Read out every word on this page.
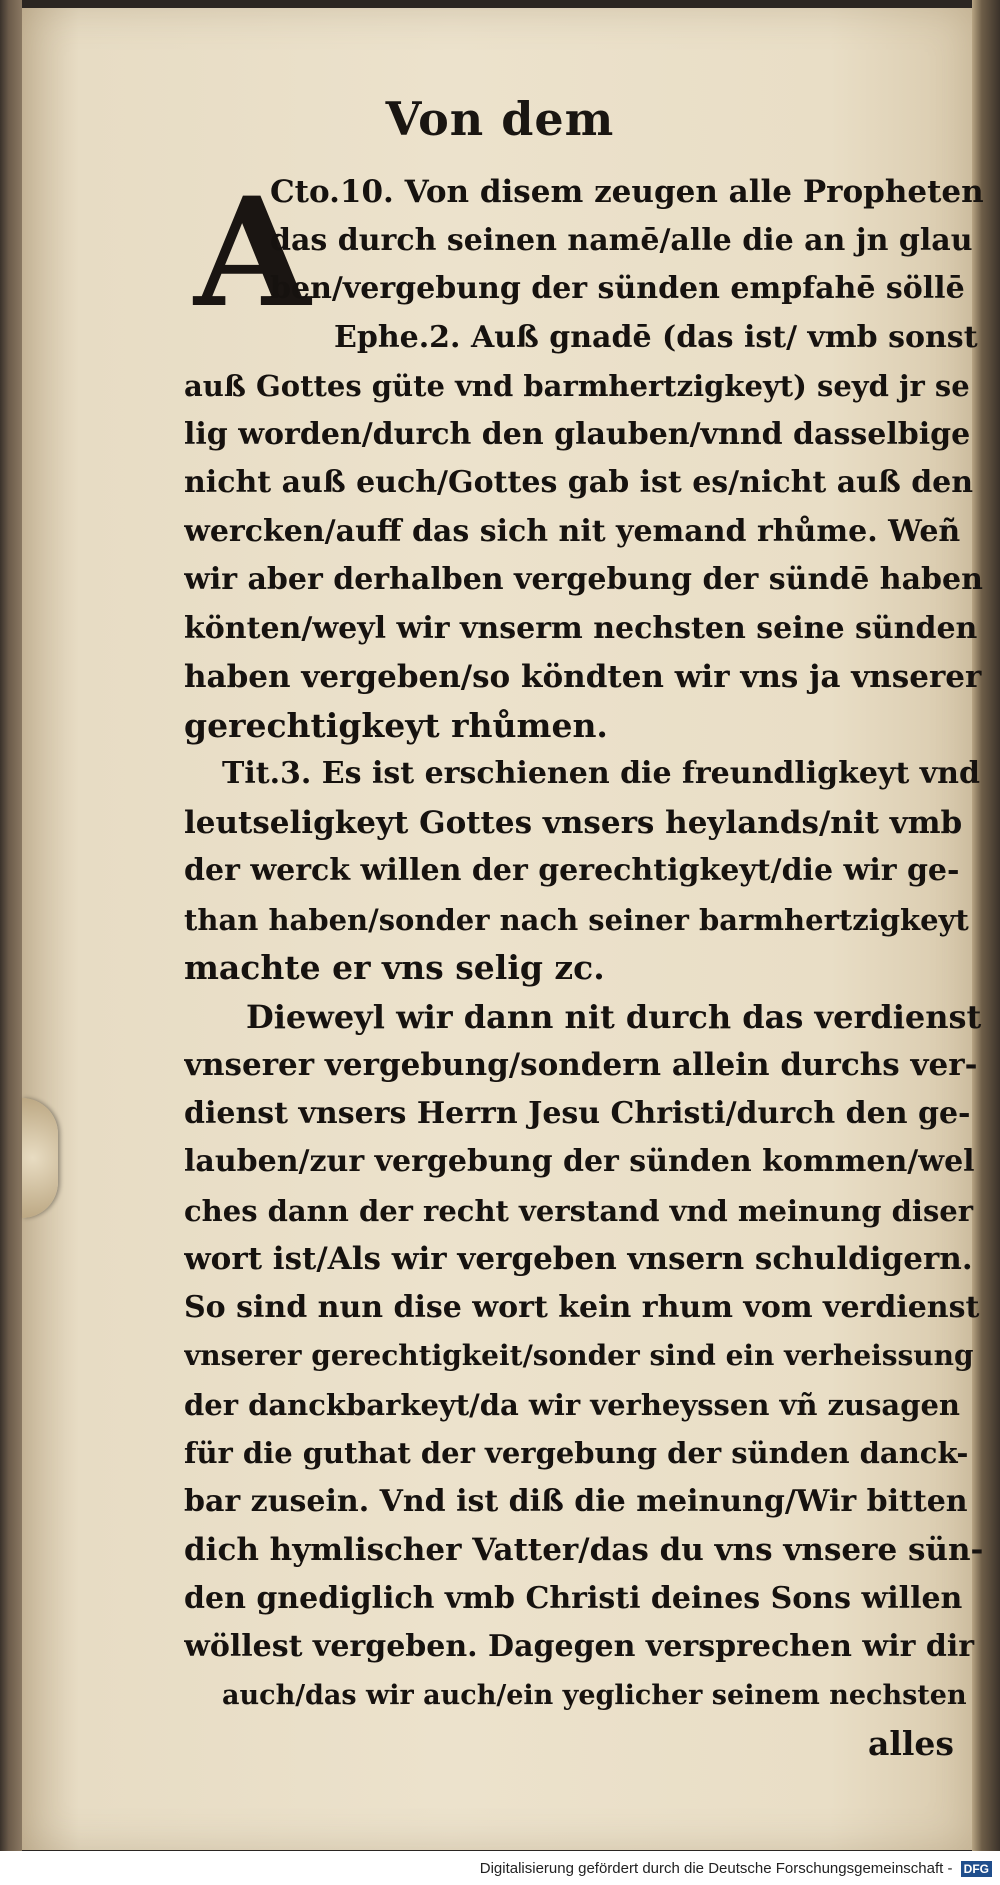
Von dem
A
Cto.10. Von disem zeugen alle Propheten
das durch seinen namē/alle die an jn glau
ben/vergebung der sünden empfahē söllē
Ephe.2. Auß gnadē (das ist/ vmb sonst
auß Gottes güte vnd barmhertzigkeyt) seyd jr se
lig worden/durch den glauben/vnnd dasselbige
nicht auß euch/Gottes gab ist es/nicht auß den
wercken/auff das sich nit yemand rhůme. Weñ
wir aber derhalben vergebung der sündē haben
könten/weyl wir vnserm nechsten seine sünden
haben vergeben/so köndten wir vns ja vnserer
gerechtigkeyt rhůmen.
Tit.3. Es ist erschienen die freundligkeyt vnd
leutseligkeyt Gottes vnsers heylands/nit vmb
der werck willen der gerechtigkeyt/die wir ge-
than haben/sonder nach seiner barmhertzigkeyt
machte er vns selig zc.
Dieweyl wir dann nit durch das verdienst
vnserer vergebung/sondern allein durchs ver-
dienst vnsers Herrn Jesu Christi/durch den ge-
lauben/zur vergebung der sünden kommen/wel
ches dann der recht verstand vnd meinung diser
wort ist/Als wir vergeben vnsern schuldigern.
So sind nun dise wort kein rhum vom verdienst
vnserer gerechtigkeit/sonder sind ein verheissung
der danckbarkeyt/da wir verheyssen vñ zusagen
für die guthat der vergebung der sünden danck-
bar zusein. Vnd ist diß die meinung/Wir bitten
dich hymlischer Vatter/das du vns vnsere sün-
den gnediglich vmb Christi deines Sons willen
wöllest vergeben. Dagegen versprechen wir dir
auch/das wir auch/ein yeglicher seinem nechsten
alles
Digitalisierung gefördert durch die Deutsche Forschungsgemeinschaft - DFG
